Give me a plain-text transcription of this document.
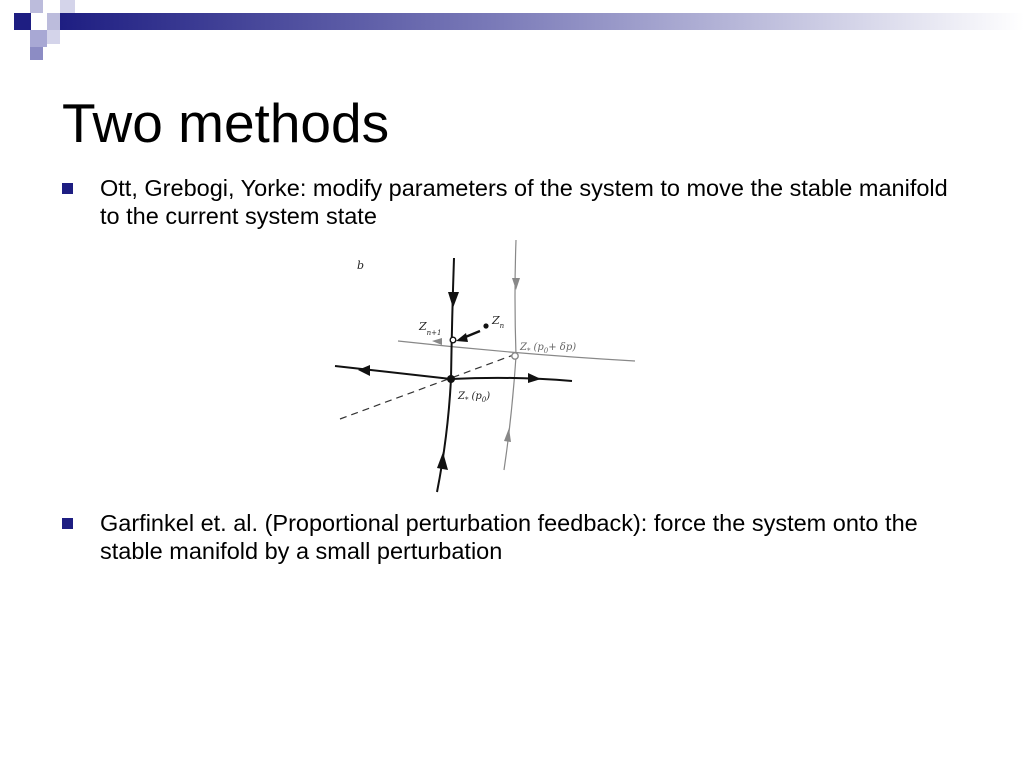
Two methods

Ott, Grebogi, Yorke: modify parameters of the system to move the stable manifold to the current system state

b
$Z_{n+1}$
$Z_n$
$Z_*$ $(p_0+ \delta p)$
$Z_*$ $(p_0)$

Garfinkel et. al. (Proportional perturbation feedback): force the system onto the stable manifold by a small perturbation
